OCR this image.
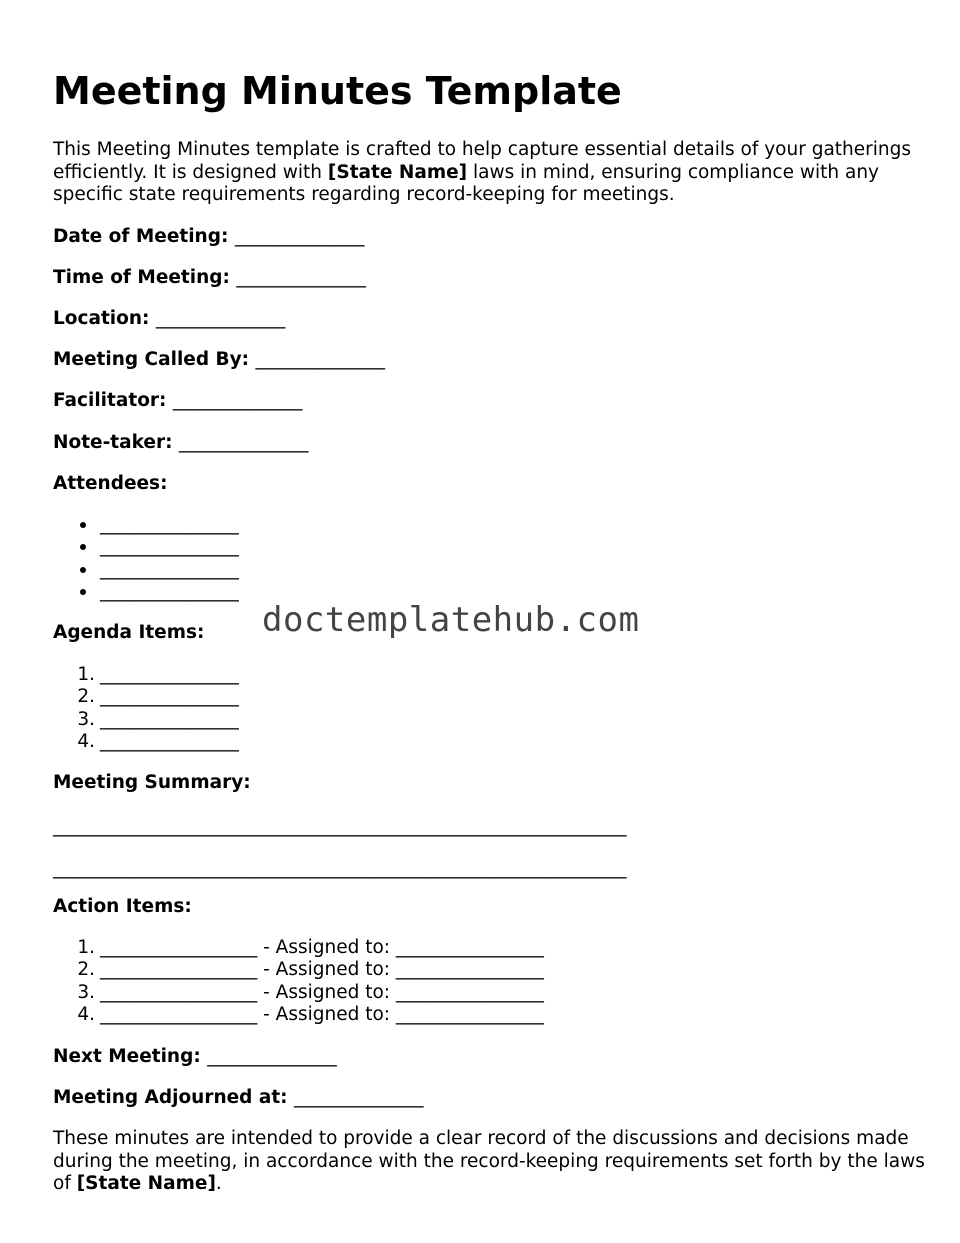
Meeting Minutes Template

This Meeting Minutes template is crafted to help capture essential details of your gatherings efficiently. It is designed with [State Name] laws in mind, ensuring compliance with any specific state requirements regarding record-keeping for meetings.

Date of Meeting: ______________

Time of Meeting: ______________

Location: ______________

Meeting Called By: ______________

Facilitator: ______________

Note-taker: ______________

Attendees:

_______________
_______________
_______________
_______________

Agenda Items:

1. _______________
2. _______________
3. _______________
4. _______________

Meeting Summary:

______________________________________________________________

______________________________________________________________

Action Items:

1. _________________ - Assigned to: ________________
2. _________________ - Assigned to: ________________
3. _________________ - Assigned to: ________________
4. _________________ - Assigned to: ________________

Next Meeting: ______________

Meeting Adjourned at: ______________

These minutes are intended to provide a clear record of the discussions and decisions made during the meeting, in accordance with the record-keeping requirements set forth by the laws of [State Name].

doctemplatehub.com
